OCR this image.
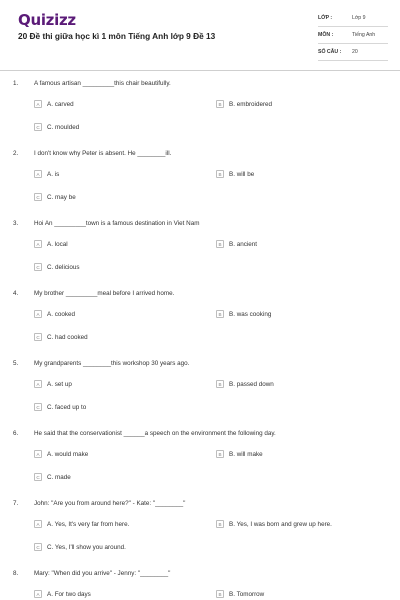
Quizizz
20 Đề thi giữa học kì 1 môn Tiếng Anh lớp 9 Đề 13
LỚP :	Lớp 9
MÔN :	Tiếng Anh
SỐ CÂU :	20
1. A famous artisan _________this chair beautifully.
A	A. carved	B	B. embroidered
C	C. moulded
2. I don't know why Peter is absent. He ________ill.
A	A. is	B	B. will be
C	C. may be
3. Hoi An _________town is a famous destination in Viet Nam
A	A. local	B	B. ancient
C	C. delicious
4. My brother _________meal before I arrived home.
A	A. cooked	B	B. was cooking
C	C. had cooked
5. My grandparents ________this workshop 30 years ago.
A	A. set up	B	B. passed down
C	C. faced up to
6. He said that the conservationist ______a speech on the environment the following day.
A	A. would make	B	B. will make
C	C. made
7. John: "Are you from around here?" - Kate: "________"
A	A. Yes, It's very far from here.	B	B. Yes, I was born and grew up here.
C	C. Yes, I'll show you around.
8. Mary: "When did you arrive" - Jenny: "________"
A	A. For two days	B	B. Tomorrow
